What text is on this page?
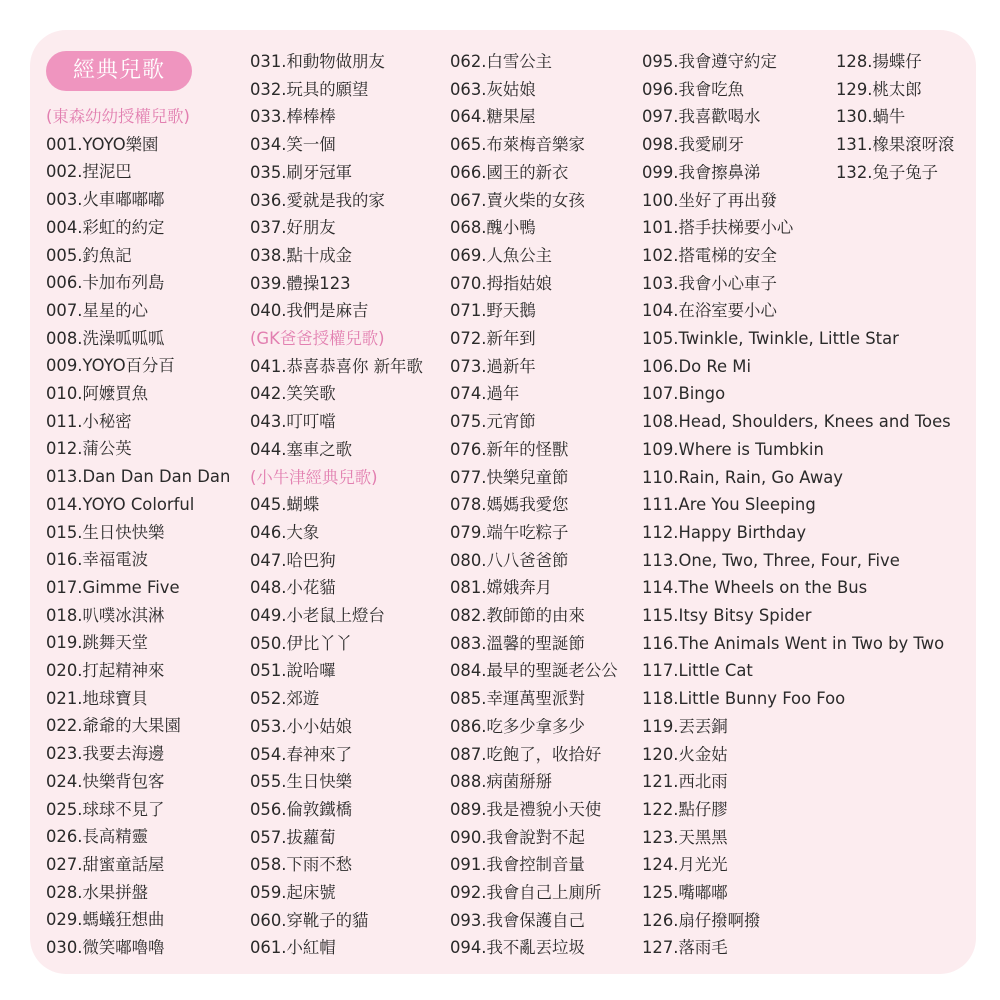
經典兒歌
(東森幼幼授權兒歌)
001.YOYO樂園
002.捏泥巴
003.火車嘟嘟嘟
004.彩虹的約定
005.釣魚記
006.卡加布列島
007.星星的心
008.洗澡呱呱呱
009.YOYO百分百
010.阿嬤買魚
011.小秘密
012.蒲公英
013.Dan Dan Dan Dan
014.YOYO Colorful
015.生日快快樂
016.幸福電波
017.Gimme Five
018.叭噗冰淇淋
019.跳舞天堂
020.打起精神來
021.地球寶貝
022.爺爺的大果園
023.我要去海邊
024.快樂背包客
025.球球不見了
026.長高精靈
027.甜蜜童話屋
028.水果拼盤
029.螞蟻狂想曲
030.微笑嘟嚕嚕
031.和動物做朋友
032.玩具的願望
033.棒棒棒
034.笑一個
035.刷牙冠軍
036.愛就是我的家
037.好朋友
038.點十成金
039.體操123
040.我們是麻吉
(GK爸爸授權兒歌)
041.恭喜恭喜你 新年歌
042.笑笑歌
043.叮叮噹
044.塞車之歌
(小牛津經典兒歌)
045.蝴蝶
046.大象
047.哈巴狗
048.小花貓
049.小老鼠上燈台
050.伊比丫丫
051.說哈囉
052.郊遊
053.小小姑娘
054.春神來了
055.生日快樂
056.倫敦鐵橋
057.拔蘿蔔
058.下雨不愁
059.起床號
060.穿靴子的貓
061.小紅帽
062.白雪公主
063.灰姑娘
064.糖果屋
065.布萊梅音樂家
066.國王的新衣
067.賣火柴的女孩
068.醜小鴨
069.人魚公主
070.拇指姑娘
071.野天鵝
072.新年到
073.過新年
074.過年
075.元宵節
076.新年的怪獸
077.快樂兒童節
078.媽媽我愛您
079.端午吃粽子
080.八八爸爸節
081.嫦娥奔月
082.教師節的由來
083.溫馨的聖誕節
084.最早的聖誕老公公
085.幸運萬聖派對
086.吃多少拿多少
087.吃飽了，收拾好
088.病菌掰掰
089.我是禮貌小天使
090.我會說對不起
091.我會控制音量
092.我會自己上廁所
093.我會保護自己
094.我不亂丟垃圾
095.我會遵守約定
096.我會吃魚
097.我喜歡喝水
098.我愛刷牙
099.我會擦鼻涕
100.坐好了再出發
101.搭手扶梯要小心
102.搭電梯的安全
103.我會小心車子
104.在浴室要小心
105.Twinkle, Twinkle, Little Star
106.Do Re Mi
107.Bingo
108.Head, Shoulders, Knees and Toes
109.Where is Tumbkin
110.Rain, Rain, Go Away
111.Are You Sleeping
112.Happy Birthday
113.One, Two, Three, Four, Five
114.The Wheels on the Bus
115.Itsy Bitsy Spider
116.The Animals Went in Two by Two
117.Little Cat
118.Little Bunny Foo Foo
119.丟丟銅
120.火金姑
121.西北雨
122.點仔膠
123.天黑黑
124.月光光
125.嘴嘟嘟
126.扇仔撥啊撥
127.落雨毛
128.揚蝶仔
129.桃太郎
130.蝸牛
131.橡果滾呀滾
132.兔子兔子
